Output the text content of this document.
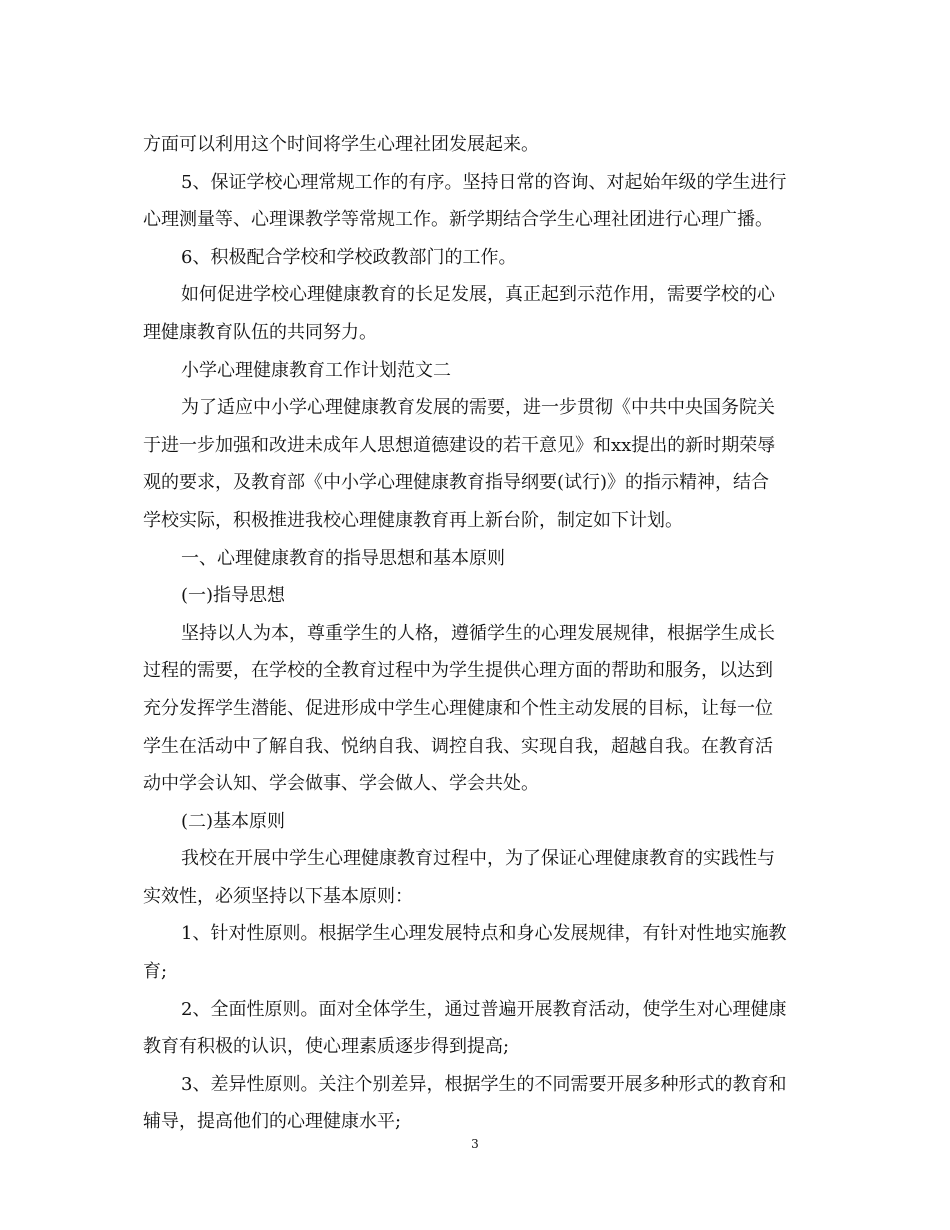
方面可以利用这个时间将学生心理社团发展起来。
5、保证学校心理常规工作的有序。坚持日常的咨询、对起始年级的学生进行
心理测量等、心理课教学等常规工作。新学期结合学生心理社团进行心理广播。
6、积极配合学校和学校政教部门的工作。
如何促进学校心理健康教育的长足发展，真正起到示范作用，需要学校的心
理健康教育队伍的共同努力。
小学心理健康教育工作计划范文二
为了适应中小学心理健康教育发展的需要，进一步贯彻《中共中央国务院关
于进一步加强和改进未成年人思想道德建设的若干意见》和xx提出的新时期荣辱
观的要求，及教育部《中小学心理健康教育指导纲要(试行)》的指示精神，结合
学校实际，积极推进我校心理健康教育再上新台阶，制定如下计划。
一、心理健康教育的指导思想和基本原则
(一)指导思想
坚持以人为本，尊重学生的人格，遵循学生的心理发展规律，根据学生成长
过程的需要，在学校的全教育过程中为学生提供心理方面的帮助和服务，以达到
充分发挥学生潜能、促进形成中学生心理健康和个性主动发展的目标，让每一位
学生在活动中了解自我、悦纳自我、调控自我、实现自我，超越自我。在教育活
动中学会认知、学会做事、学会做人、学会共处。
(二)基本原则
我校在开展中学生心理健康教育过程中，为了保证心理健康教育的实践性与
实效性，必须坚持以下基本原则：
1、针对性原则。根据学生心理发展特点和身心发展规律，有针对性地实施教
育;
2、全面性原则。面对全体学生，通过普遍开展教育活动，使学生对心理健康
教育有积极的认识，使心理素质逐步得到提高;
3、差异性原则。关注个别差异，根据学生的不同需要开展多种形式的教育和
辅导，提高他们的心理健康水平;
3
